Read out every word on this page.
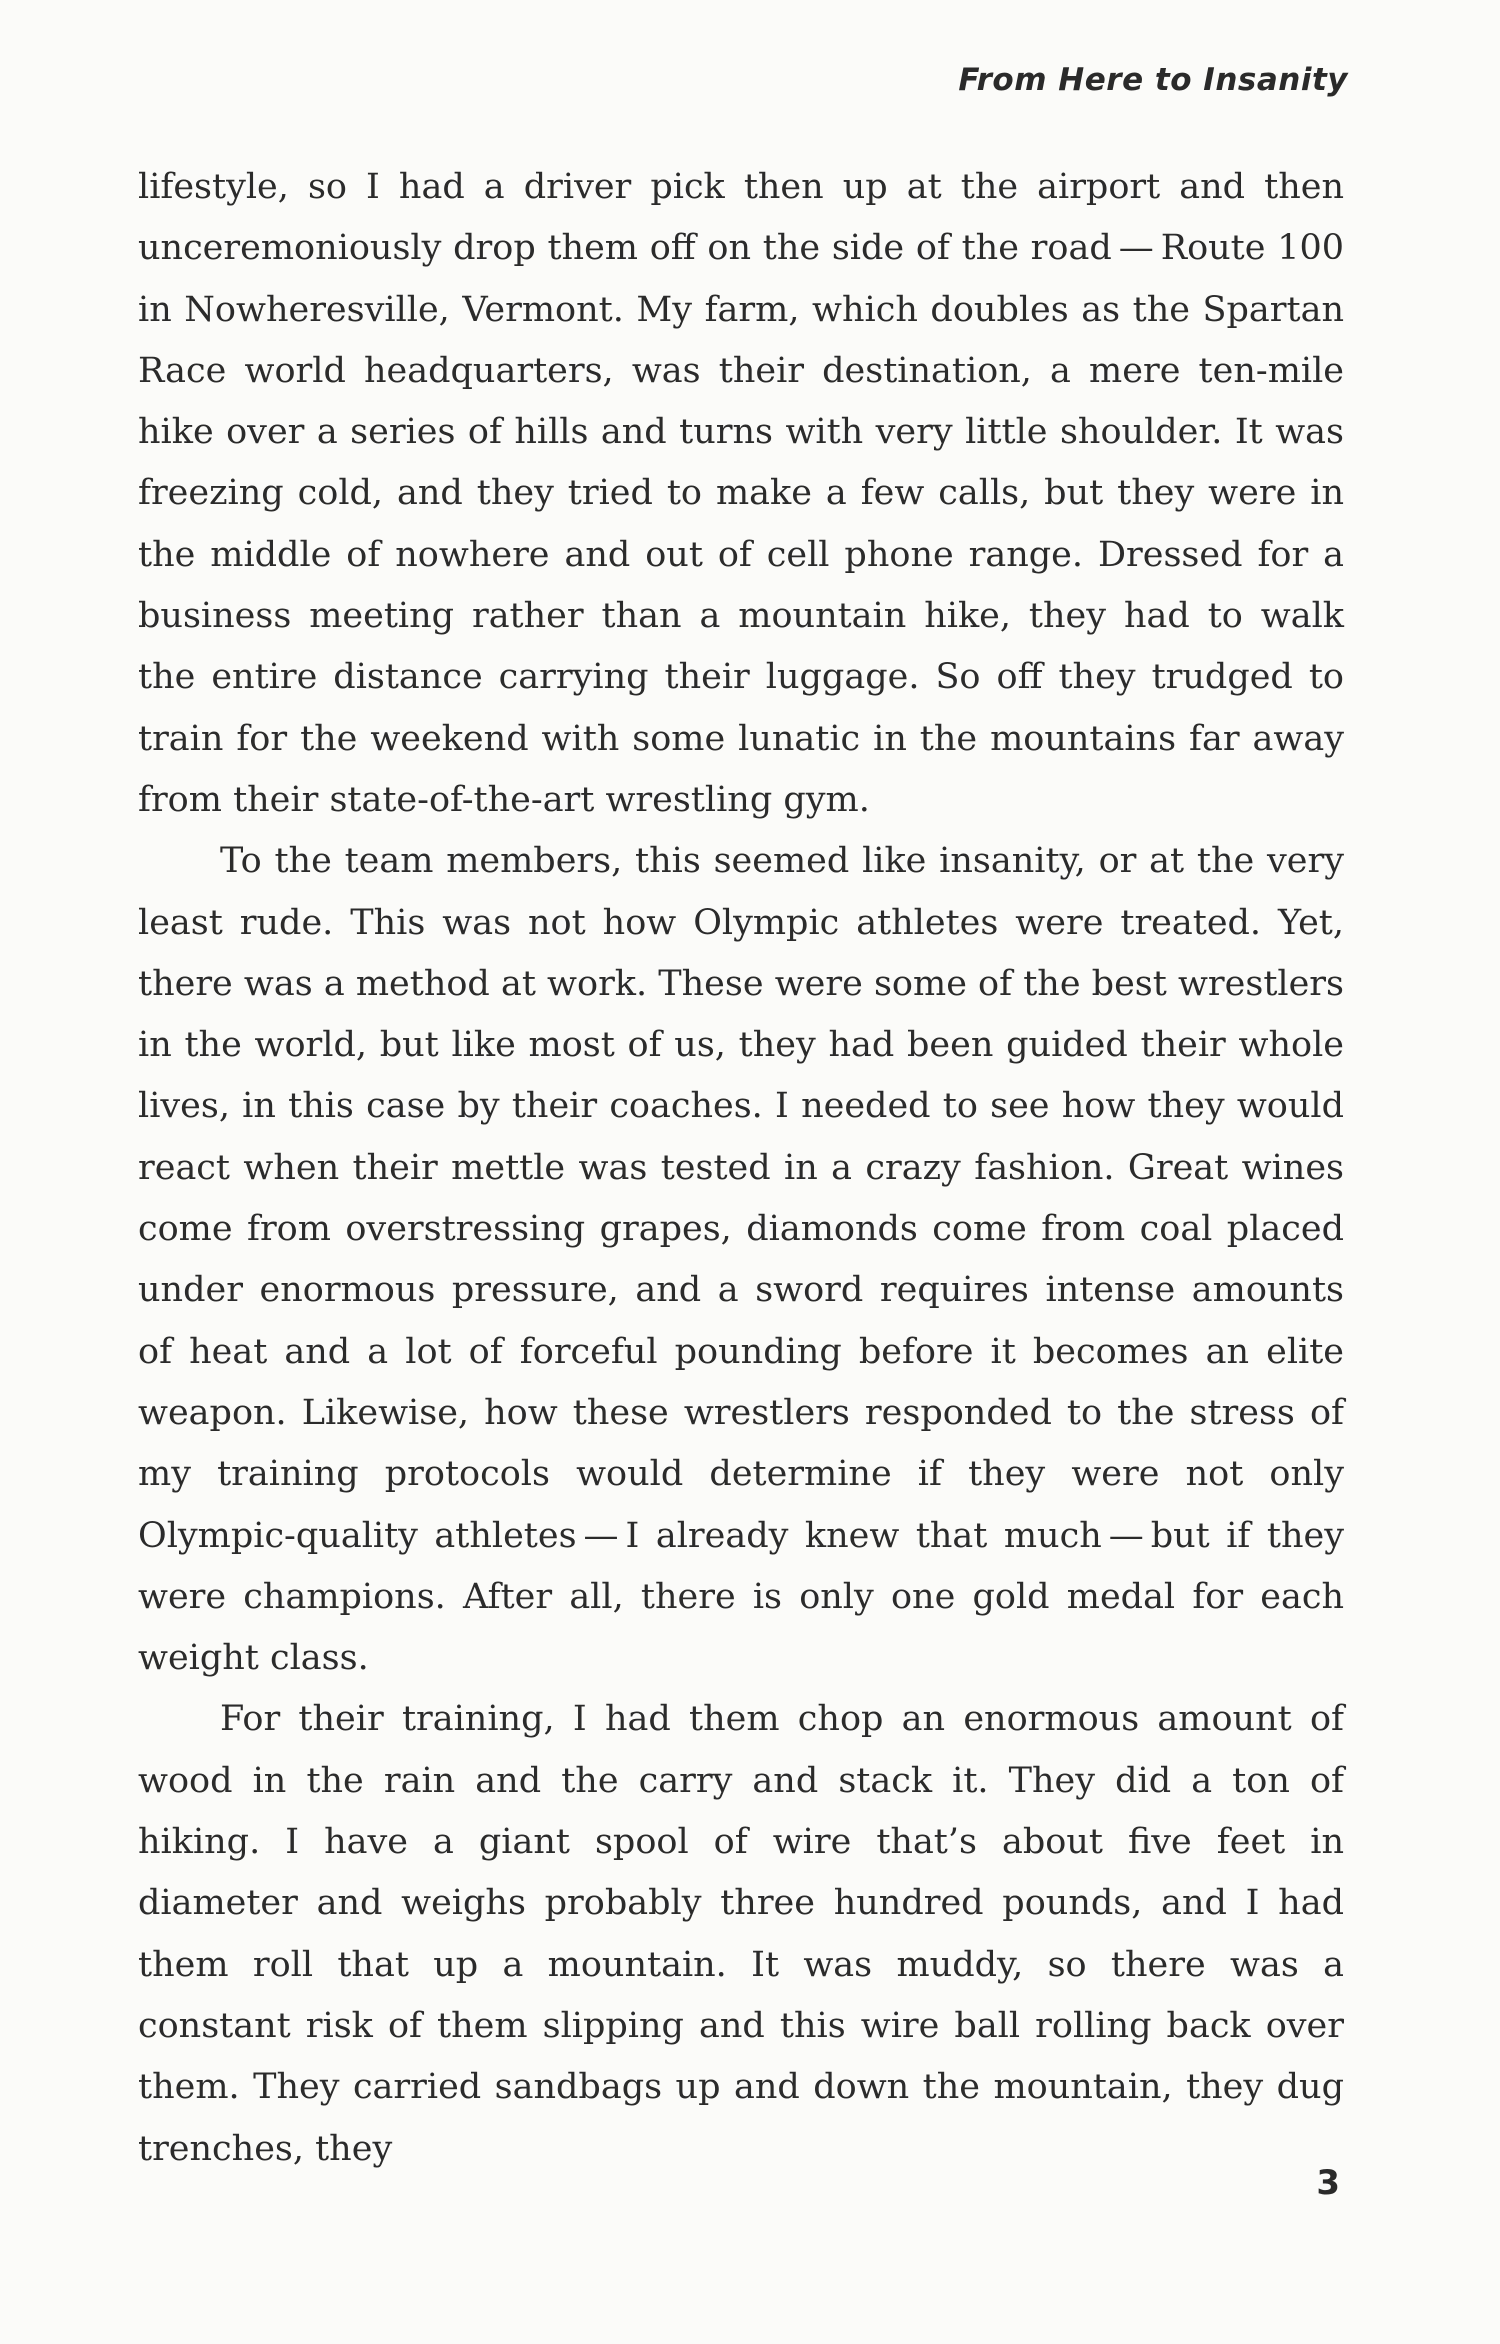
From Here to Insanity

lifestyle, so I had a driver pick then up at the airport and then unceremoniously drop them off on the side of the road — Route 100 in Nowheresville, Vermont. My farm, which doubles as the Spartan Race world headquarters, was their destination, a mere ten-mile hike over a series of hills and turns with very little shoulder. It was freezing cold, and they tried to make a few calls, but they were in the middle of nowhere and out of cell phone range. Dressed for a business meeting rather than a mountain hike, they had to walk the entire distance carrying their luggage. So off they trudged to train for the weekend with some lunatic in the mountains far away from their state-of-the-art wrestling gym.

To the team members, this seemed like insanity, or at the very least rude. This was not how Olympic athletes were treated. Yet, there was a method at work. These were some of the best wrestlers in the world, but like most of us, they had been guided their whole lives, in this case by their coaches. I needed to see how they would react when their mettle was tested in a crazy fashion. Great wines come from overstressing grapes, diamonds come from coal placed under enormous pressure, and a sword requires intense amounts of heat and a lot of forceful pounding before it becomes an elite weapon. Likewise, how these wrestlers responded to the stress of my training protocols would determine if they were not only Olympic-quality athletes — I already knew that much — but if they were champions. After all, there is only one gold medal for each weight class.

For their training, I had them chop an enormous amount of wood in the rain and the carry and stack it. They did a ton of hiking. I have a giant spool of wire that’s about five feet in diameter and weighs probably three hundred pounds, and I had them roll that up a mountain. It was muddy, so there was a constant risk of them slipping and this wire ball rolling back over them. They carried sandbags up and down the mountain, they dug trenches, they

3
